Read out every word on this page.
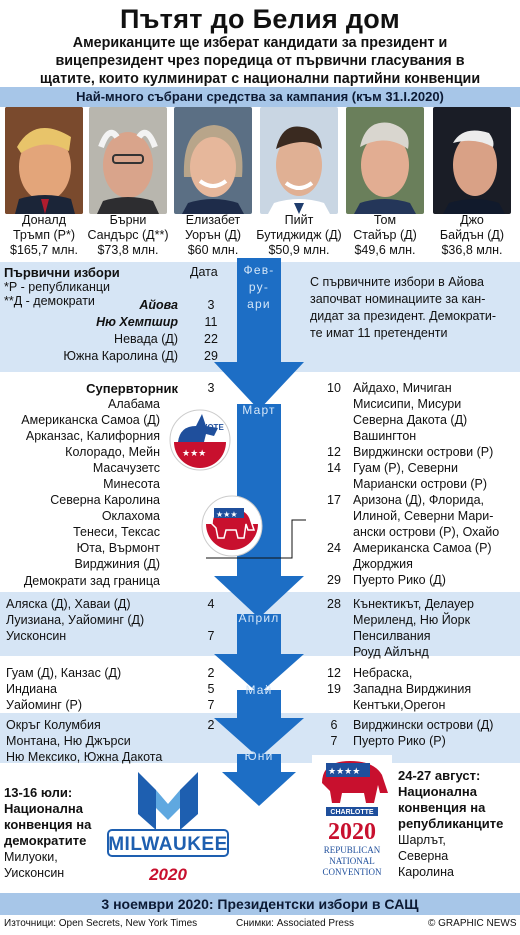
Пътят до Белия дом
Американците ще изберат кандидати за президент и
вицепрезидент чрез поредица от първични гласувания в
щатите, които кулминират с национални партийни конвенции
Най-много събрани средства за кампания (към 31.I.2020)
Доналд
Тръмп (Р*)
$165,7 млн.
Бърни
Сандърс (Д**)
$73,8 млн.
Елизабет
Уорън (Д)
$60 млн.
Пийт
Бутиджидж (Д)
$50,9 млн.
Том
Стайър (Д)
$49,6 млн.
Джо
Байдън (Д)
$36,8 млн.
Фев-
ру-
ари
Март
Април
Май
Юни
Първични избори	Дата
*Р - републиканци
**Д - демократи	Айова	3
Ню Хемпшир	11
Невада (Д)	22
Южна Каролина (Д)	29
С първичните избори в Айова
започват номинациите за кан-
дидат за президент. Демократи-
те имат 11 претенденти
Супервторник	3
Алабама
Американска Самоа (Д)
Арканзас, Калифорния
Колорадо, Мейн
Масачузетс
Минесота
Северна Каролина
Оклахома
Тенеси, Тексас
Юта, Върмонт
Вирджиния (Д)
Демократи зад граница
VOTE
★★★
★★★
10 Айдахо, Мичиган
Мисисипи, Мисури
Северна Дакота (Д)
Вашингтон
12 Вирджински острови (Р)
14 Гуам (Р), Северни
Мариански острови (Р)
17 Аризона (Д), Флорида,
Илиной, Северни Мари-
ански острови (Р), Охайо
24 Американска Самоа (Р)
Джорджия
29 Пуерто Рико (Д)
Аляска (Д), Хаваи (Д)	4
Луизиана, Уайоминг (Д)
Уисконсин	7
28 Кънектикът, Делауер
Мериленд, Ню Йорк
Пенсилвания
Роуд Айлънд
Гуам (Д), Канзас (Д)	2
Индиана	5
Уайоминг (Р)	7
12 Небраска,
19 Западна Вирджиния
Кентъки,Орегон
Окръг Колумбия	2
Монтана, Ню Джърси
Ню Мексико, Южна Дакота
6	Вирджински острови (Д)
7	Пуерто Рико (Р)
13-16 юли:
Национална
конвенция на
демократите
Милуоки,
Уисконсин
MILWAUKEE
2020
★★★★
CHARLOTTE
2020
REPUBLICAN
NATIONAL
CONVENTION
24-27 август:
Национална
конвенция на
републиканците
Шарлът,
Северна
Каролина
3 ноември 2020: Президентски избори в САЩ
Източници: Open Secrets, New York Times	Снимки: Associated Press	© GRAPHIC NEWS
